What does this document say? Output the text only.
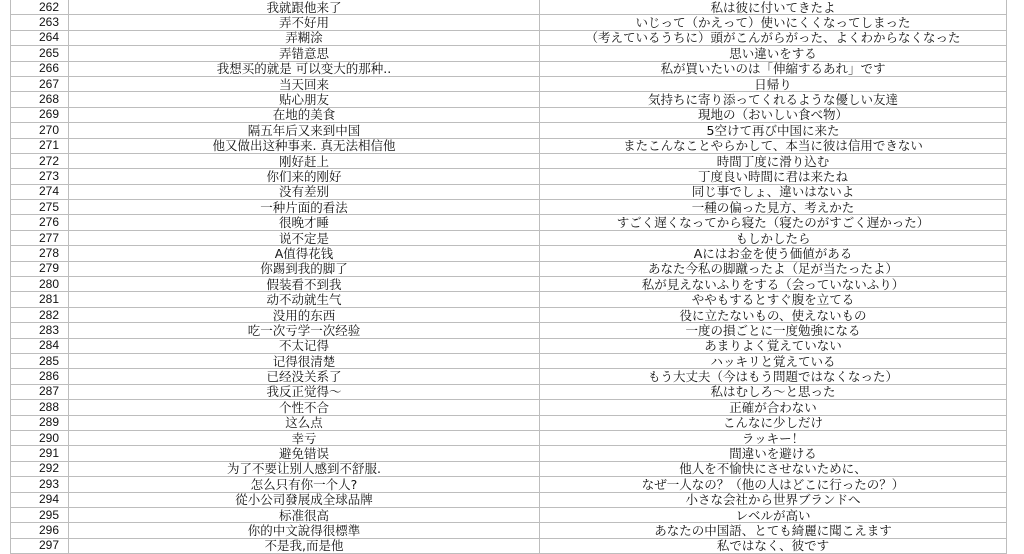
262	我就跟他来了	私は彼に付いてきたよ
263	弄不好用	いじって（かえって）使いにくくなってしまった
264	弄糊涂	（考えているうちに）頭がこんがらがった、よくわからなくなった
265	弄错意思	思い違いをする
266	我想买的就是 可以变大的那种..	私が買いたいのは「伸縮するあれ」です
267	当天回来	日帰り
268	贴心朋友	気持ちに寄り添ってくれるような優しい友達
269	在地的美食	現地の（おいしい食べ物）
270	隔五年后又来到中国	5空けて再び中国に来た
271	他又做出这种事来. 真无法相信他	またこんなことやらかして、本当に彼は信用できない
272	刚好赶上	時間丁度に滑り込む
273	你们来的刚好	丁度良い時間に君は来たね
274	没有差别	同じ事でしょ、違いはないよ
275	一种片面的看法	一種の偏った見方、考えかた
276	很晚才睡	すごく遅くなってから寝た（寝たのがすごく遅かった）
277	说不定是	もしかしたら
278	A值得花钱	Aにはお金を使う価値がある
279	你踢到我的脚了	あなた今私の脚蹴ったよ（足が当たったよ）
280	假装看不到我	私が見えないふりをする（会っていないふり）
281	动不动就生气	ややもするとすぐ腹を立てる
282	没用的东西	役に立たないもの、使えないもの
283	吃一次亏学一次经验	一度の損ごとに一度勉強になる
284	不太记得	あまりよく覚えていない
285	记得很清楚	ハッキリと覚えている
286	已经没关系了	もう大丈夫（今はもう問題ではなくなった）
287	我反正觉得～	私はむしろ～と思った
288	个性不合	正確が合わない
289	这么点	こんなに少しだけ
290	幸亏	ラッキー！
291	避免错误	間違いを避ける
292	为了不要让别人感到不舒服.	他人を不愉快にさせないために、
293	怎么只有你一个人?	なぜ一人なの？（他の人はどこに行ったの？）
294	從小公司發展成全球品牌	小さな会社から世界ブランドへ
295	标准很高	レベルが高い
296	你的中文說得很標準	あなたの中国語、とても綺麗に聞こえます
297	不是我,而是他	私ではなく、彼です
